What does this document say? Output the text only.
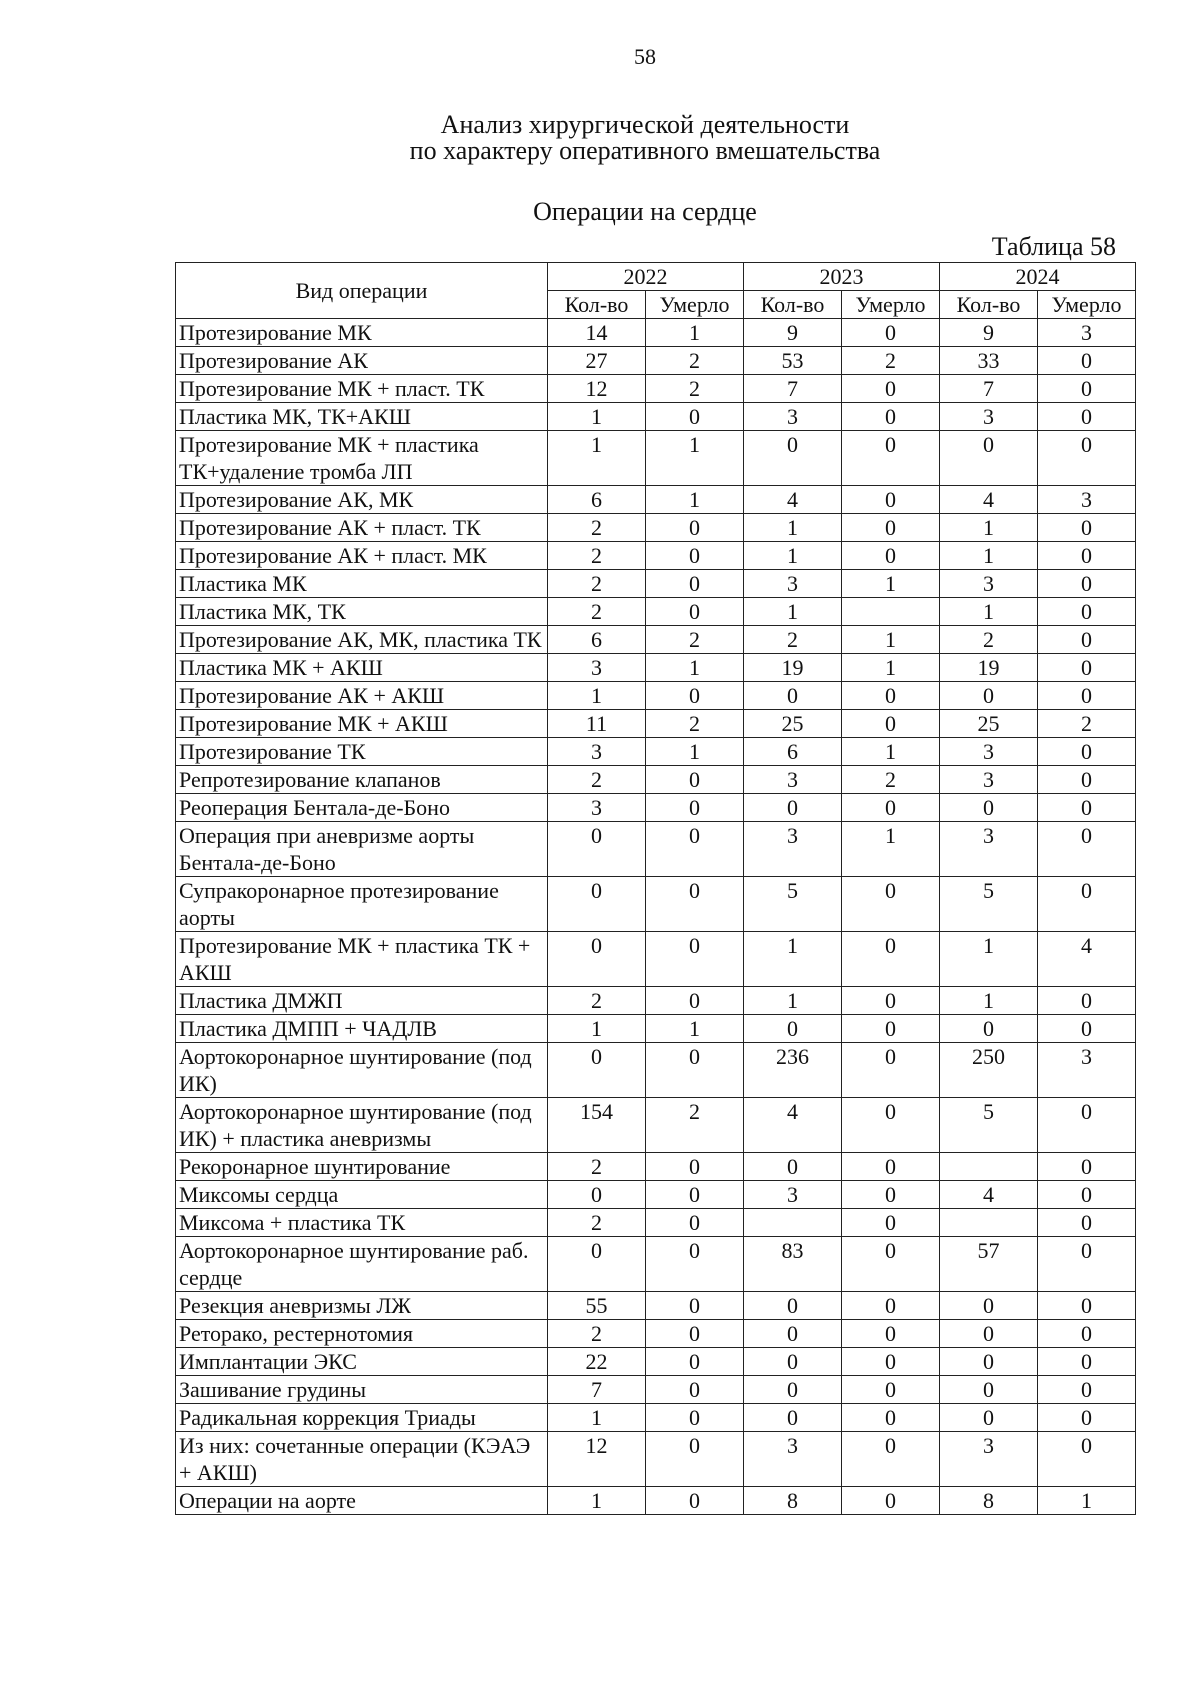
58
Анализ хирургической деятельности
по характеру оперативного вмешательства
Операции на сердце
Таблица 58
Вид операции	2022		2023		2024	
	Кол-во	Умерло	Кол-во	Умерло	Кол-во	Умерло
Протезирование МК	14	1	9	0	9	3
Протезирование АК	27	2	53	2	33	0
Протезирование МК + пласт. ТК	12	2	7	0	7	0
Пластика МК, ТК+АКШ	1	0	3	0	3	0
Протезирование МК + пластика ТК+удаление тромба ЛП	1	1	0	0	0	0
Протезирование АК, МК	6	1	4	0	4	3
Протезирование АК + пласт. ТК	2	0	1	0	1	0
Протезирование АК + пласт. МК	2	0	1	0	1	0
Пластика МК	2	0	3	1	3	0
Пластика МК, ТК	2	0	1		1	0
Протезирование АК, МК, пластика ТК	6	2	2	1	2	0
Пластика МК + АКШ	3	1	19	1	19	0
Протезирование АК + АКШ	1	0	0	0	0	0
Протезирование МК + АКШ	11	2	25	0	25	2
Протезирование ТК	3	1	6	1	3	0
Репротезирование клапанов	2	0	3	2	3	0
Реоперация Бентала-де-Боно	3	0	0	0	0	0
Операция при аневризме аорты Бентала-де-Боно	0	0	3	1	3	0
Супракоронарное протезирование аорты	0	0	5	0	5	0
Протезирование МК + пластика ТК + АКШ	0	0	1	0	1	4
Пластика ДМЖП	2	0	1	0	1	0
Пластика ДМПП + ЧАДЛВ	1	1	0	0	0	0
Аортокоронарное шунтирование (под ИК)	0	0	236	0	250	3
Аортокоронарное шунтирование (под ИК) + пластика аневризмы	154	2	4	0	5	0
Рекоронарное шунтирование	2	0	0	0		0
Миксомы сердца	0	0	3	0	4	0
Миксома + пластика ТК	2	0		0		0
Аортокоронарное шунтирование раб. сердце	0	0	83	0	57	0
Резекция аневризмы ЛЖ	55	0	0	0	0	0
Реторако, рестернотомия	2	0	0	0	0	0
Имплантации ЭКС	22	0	0	0	0	0
Зашивание грудины	7	0	0	0	0	0
Радикальная коррекция Триады	1	0	0	0	0	0
Из них: сочетанные операции (КЭАЭ + АКШ)	12	0	3	0	3	0
Операции на аорте	1	0	8	0	8	1
